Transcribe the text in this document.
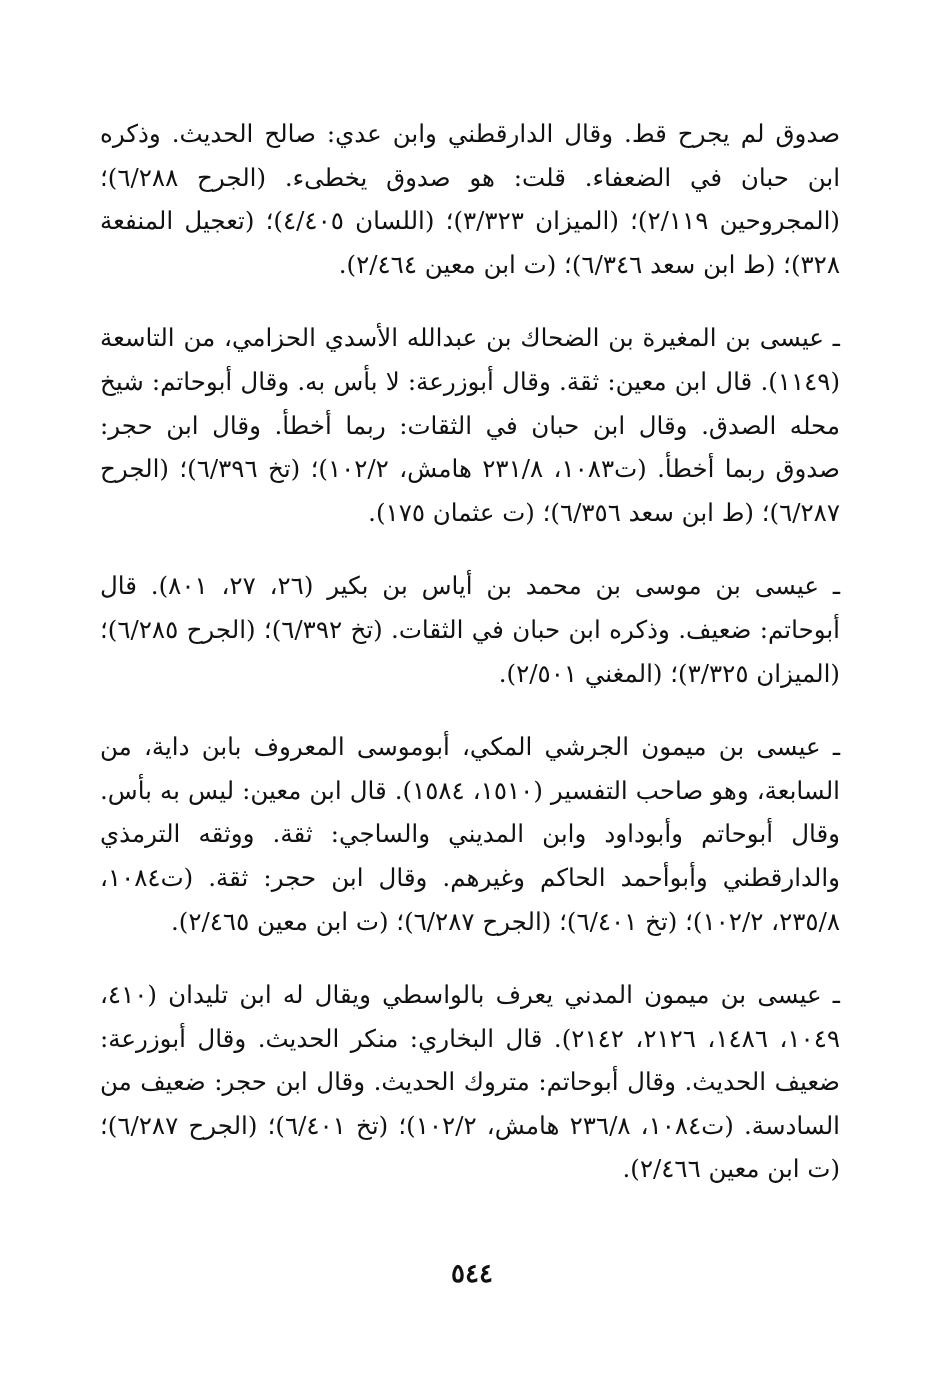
صدوق لم يجرح قط. وقال الدارقطني وابن عدي: صالح الحديث. وذكره ابن حبان في الضعفاء. قلت: هو صدوق يخطىء. (الجرح ٦/٢٨٨)؛ (المجروحين ٢/١١٩)؛ (الميزان ٣/٣٢٣)؛ (اللسان ٤/٤٠٥)؛ (تعجيل المنفعة ٣٢٨)؛ (ط ابن سعد ٦/٣٤٦)؛ (ت ابن معين ٢/٤٦٤).

ـ عيسى بن المغيرة بن الضحاك بن عبدالله الأسدي الحزامي، من التاسعة (١١٤٩). قال ابن معين: ثقة. وقال أبوزرعة: لا بأس به. وقال أبوحاتم: شيخ محله الصدق. وقال ابن حبان في الثقات: ربما أخطأ. وقال ابن حجر: صدوق ربما أخطأ. (ت١٠٨٣، ٢٣١/٨ هامش، ١٠٢/٢)؛ (تخ ٦/٣٩٦)؛ (الجرح ٦/٢٨٧)؛ (ط ابن سعد ٦/٣٥٦)؛ (ت عثمان ١٧٥).

ـ عيسى بن موسى بن محمد بن أياس بن بكير (٢٦، ٢٧، ٨٠١). قال أبوحاتم: ضعيف. وذكره ابن حبان في الثقات. (تخ ٦/٣٩٢)؛ (الجرح ٦/٢٨٥)؛ (الميزان ٣/٣٢٥)؛ (المغني ٢/٥٠١).

ـ عيسى بن ميمون الجرشي المكي، أبوموسى المعروف بابن داية، من السابعة، وهو صاحب التفسير (١٥١٠، ١٥٨٤). قال ابن معين: ليس به بأس. وقال أبوحاتم وأبوداود وابن المديني والساجي: ثقة. ووثقه الترمذي والدارقطني وأبوأحمد الحاكم وغيرهم. وقال ابن حجر: ثقة. (ت١٠٨٤، ٢٣٥/٨، ١٠٢/٢)؛ (تخ ٦/٤٠١)؛ (الجرح ٦/٢٨٧)؛ (ت ابن معين ٢/٤٦٥).

ـ عيسى بن ميمون المدني يعرف بالواسطي ويقال له ابن تليدان (٤١٠، ١٠٤٩، ١٤٨٦، ٢١٢٦، ٢١٤٢). قال البخاري: منكر الحديث. وقال أبوزرعة: ضعيف الحديث. وقال أبوحاتم: متروك الحديث. وقال ابن حجر: ضعيف من السادسة. (ت١٠٨٤، ٢٣٦/٨ هامش، ١٠٢/٢)؛ (تخ ٦/٤٠١)؛ (الجرح ٦/٢٨٧)؛ (ت ابن معين ٢/٤٦٦).

٥٤٤
